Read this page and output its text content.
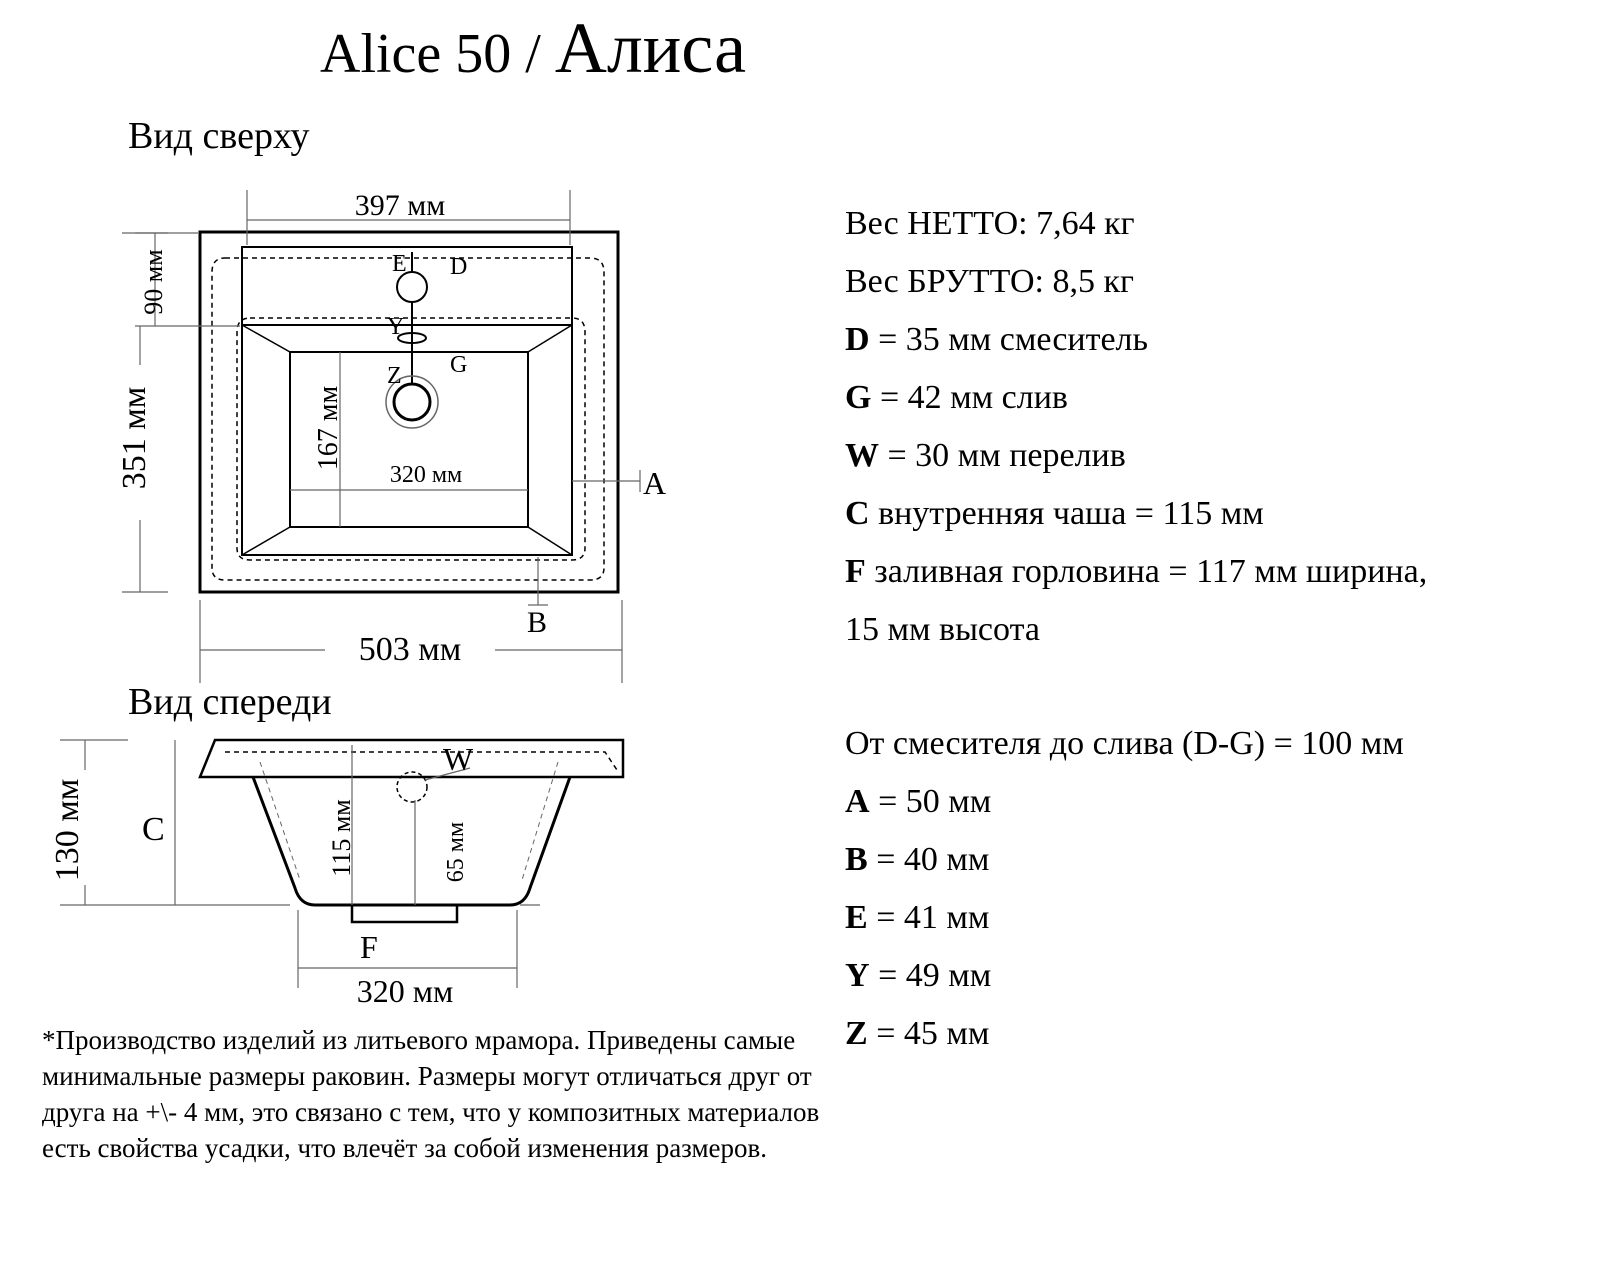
Alice 50 / Алиса
Вид сверху
Вид спереди
397 мм
90 мм
351 мм	167 мм
320 мм
503 мм
E D
Y
Z G
A
B
130 мм C
W
115 мм	65 мм
F
320 мм
Вес НЕТТО: 7,64 кг
Вес БРУТТО: 8,5 кг
D = 35 мм смеситель
G = 42 мм слив
W = 30 мм перелив
C внутренняя чаша = 115 мм
F заливная горловина = 117 мм ширина,
15 мм высота
От смесителя до слива (D-G) = 100 мм
A = 50 мм
B = 40 мм
E = 41 мм
Y = 49 мм
Z = 45 мм
*Производство изделий из литьевого мрамора. Приведены самые минимальные размеры раковин. Размеры могут отличаться друг от друга на +\- 4 мм, это связано с тем, что у композитных материалов есть свойства усадки, что влечёт за собой изменения размеров.
